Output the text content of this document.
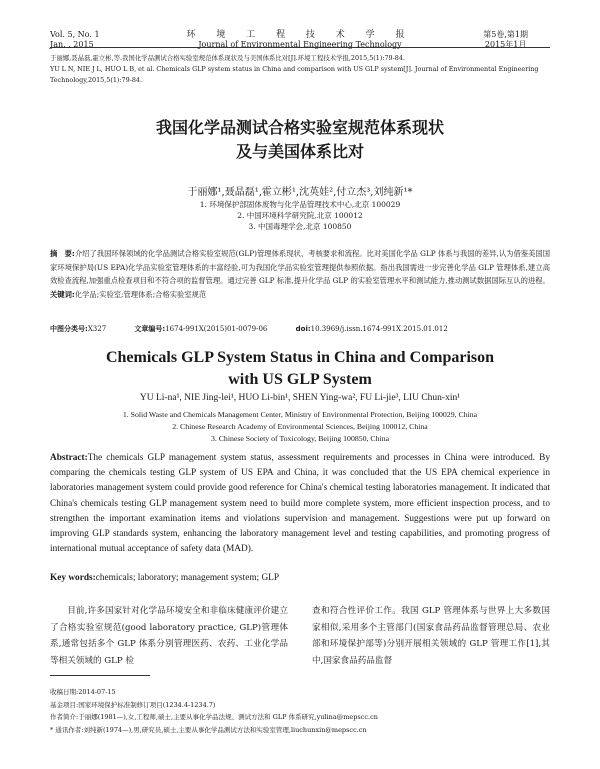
Vol. 5, No. 1
Jan. , 2015
环 境 工 程 技 术 学 报
Journal of Environmental Engineering Technology
第5卷,第1期
2015年1月
于丽娜,聂晶磊,霍立彬,等.我国化学品测试合格实验室规范体系现状及与美国体系比对[J].环境工程技术学报,2015,5(1):79-84.
YU L N, NIE J L, HUO L B, et al. Chemicals GLP system status in China and comparison with US GLP system[J]. Journal of Environmental Engineering Technology,2015,5(1):79-84.
我国化学品测试合格实验室规范体系现状
及与美国体系比对
于丽娜¹,聂晶磊¹,霍立彬¹,沈英娃²,付立杰³,刘纯新¹*
1. 环境保护部固体废物与化学品管理技术中心,北京 100029
2. 中国环境科学研究院,北京 100012
3. 中国毒理学会,北京 100850
摘　要:介绍了我国环保领域的化学品测试合格实验室规范(GLP)管理体系现状、考核要求和流程。比对美国化学品 GLP 体系与我国的差异,认为借鉴美国国家环境保护局(US EPA)化学品实验室管理体系的丰富经验,可为我国化学品实验室管理提供参照依据。指出我国需进一步完善化学品 GLP 管理体系,建立高效检查流程,加强重点检查项目和不符合项的监督管理。通过完善 GLP 标准,提升化学品 GLP 的实验室管理水平和测试能力,推动测试数据国际互认的进程。
关键词:化学品;实验室;管理体系;合格实验室规范
中图分类号:X327	文章编号:1674-991X(2015)01-0079-06	doi:10.3969/j.issn.1674-991X.2015.01.012
Chemicals GLP System Status in China and Comparison
with US GLP System
YU Li-na¹, NIE Jing-lei¹, HUO Li-bin¹, SHEN Ying-wa², FU Li-jie³, LIU Chun-xin¹
1. Solid Waste and Chemicals Management Center, Ministry of Environmental Protection, Beijing 100029, China
2. Chinese Research Academy of Environmental Sciences, Beijing 100012, China
3. Chinese Society of Toxicology, Beijing 100850, China
Abstract:The chemicals GLP management system status, assessment requirements and processes in China were introduced. By comparing the chemicals testing GLP system of US EPA and China, it was concluded that the US EPA chemical experience in laboratories management system could provide good reference for China's chemical testing laboratories management. It indicated that China's chemicals testing GLP management system need to build more complete system, more efficient inspection process, and to strengthen the important examination items and violations supervision and management. Suggestions were put up forward on improving GLP standards system, enhancing the laboratory management level and testing capabilities, and promoting progress of international mutual acceptance of safety data (MAD).
Key words:chemicals; laboratory; management system; GLP
目前,许多国家针对化学品环境安全和非临床健康评价建立了合格实验室规范(good laboratory practice, GLP)管理体系,通常包括多个 GLP 体系分别管理医药、农药、工业化学品等相关领域的 GLP 检
查和符合性评价工作。我国 GLP 管理体系与世界上大多数国家相似,采用多个主管部门(国家食品药品监督管理总局、农业部和环境保护部等)分别开展相关领域的 GLP 管理工作[1],其中,国家食品药品监督
收稿日期:2014-07-15
基金项目:国家环境保护标准制修订项目(1234.4-1234.7)
作者简介:于丽娜(1981—),女,工程师,硕士,主要从事化学品法规、测试方法和 GLP 体系研究,yulina@mepscc.cn
* 通讯作者:刘纯新(1974—),男,研究员,硕士,主要从事化学品测试方法和实验室管理,liuchunxin@mepscc.cn
